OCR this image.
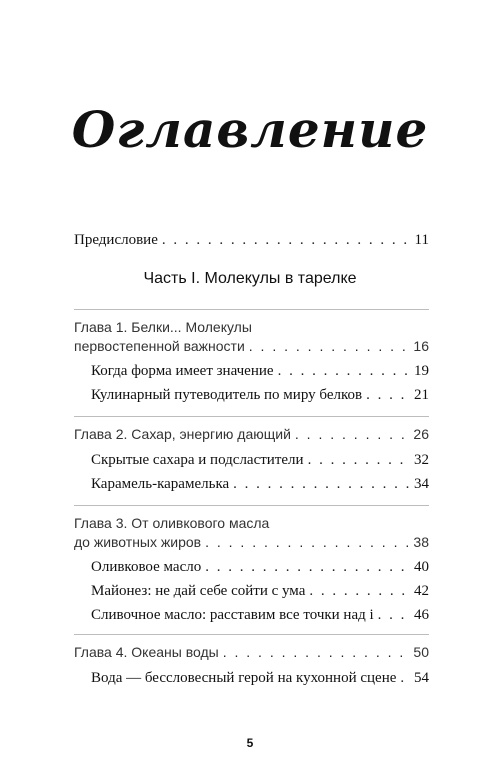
Оглавление
Предисловие . . .	11
Часть I. Молекулы в тарелке
Глава 1. Белки... Молекулы
первостепенной важности . . .	16
Когда форма имеет значение . . .	19
Кулинарный путеводитель по миру белков . . .	21
Глава 2. Сахар, энергию дающий . . .	26
Скрытые сахара и подсластители . . .	32
Карамель-карамелька . . .	34
Глава 3. От оливкового масла
до животных жиров . . .	38
Оливковое масло . . .	40
Майонез: не дай себе сойти с ума . . .	42
Сливочное масло: расставим все точки над i . . .	46
Глава 4. Океаны воды . . .	50
Вода — бессловесный герой на кухонной сцене . . . 54
5
